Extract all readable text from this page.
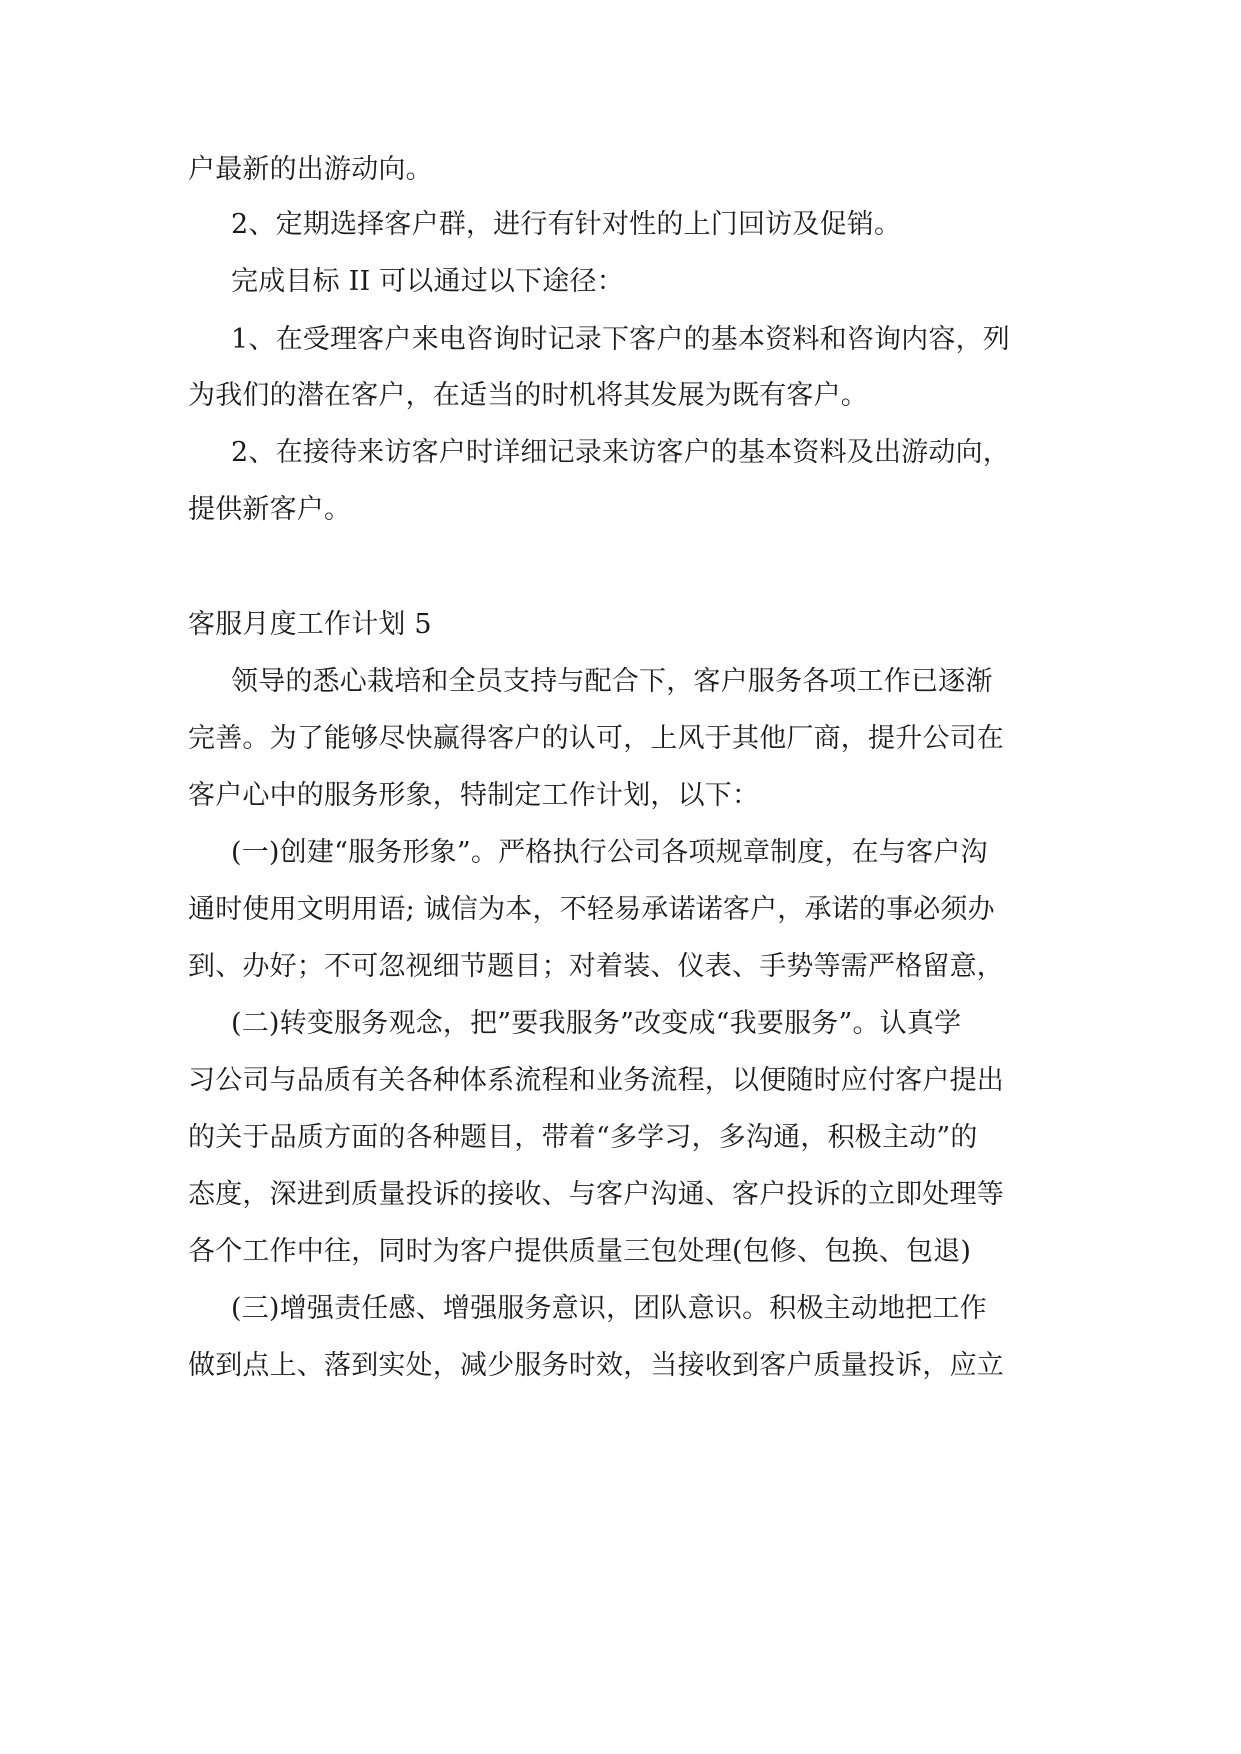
户最新的出游动向。
2、定期选择客户群，进行有针对性的上门回访及促销。
完成目标 II 可以通过以下途径：
1、在受理客户来电咨询时记录下客户的基本资料和咨询内容，列
为我们的潜在客户，在适当的时机将其发展为既有客户。
2、在接待来访客户时详细记录来访客户的基本资料及出游动向，
提供新客户。
客服月度工作计划 5
领导的悉心栽培和全员支持与配合下，客户服务各项工作已逐渐
完善。为了能够尽快赢得客户的认可，上风于其他厂商，提升公司在
客户心中的服务形象，特制定工作计划，以下：
(一)创建“服务形象”。严格执行公司各项规章制度，在与客户沟
通时使用文明用语; 诚信为本，不轻易承诺诺客户，承诺的事必须办
到、办好；不可忽视细节题目；对着装、仪表、手势等需严格留意，
(二)转变服务观念，把”要我服务”改变成“我要服务”。认真学
习公司与品质有关各种体系流程和业务流程，以便随时应付客户提出
的关于品质方面的各种题目，带着“多学习，多沟通，积极主动”的
态度，深进到质量投诉的接收、与客户沟通、客户投诉的立即处理等
各个工作中往，同时为客户提供质量三包处理(包修、包换、包退)
(三)增强责任感、增强服务意识，团队意识。积极主动地把工作
做到点上、落到实处，减少服务时效，当接收到客户质量投诉，应立
